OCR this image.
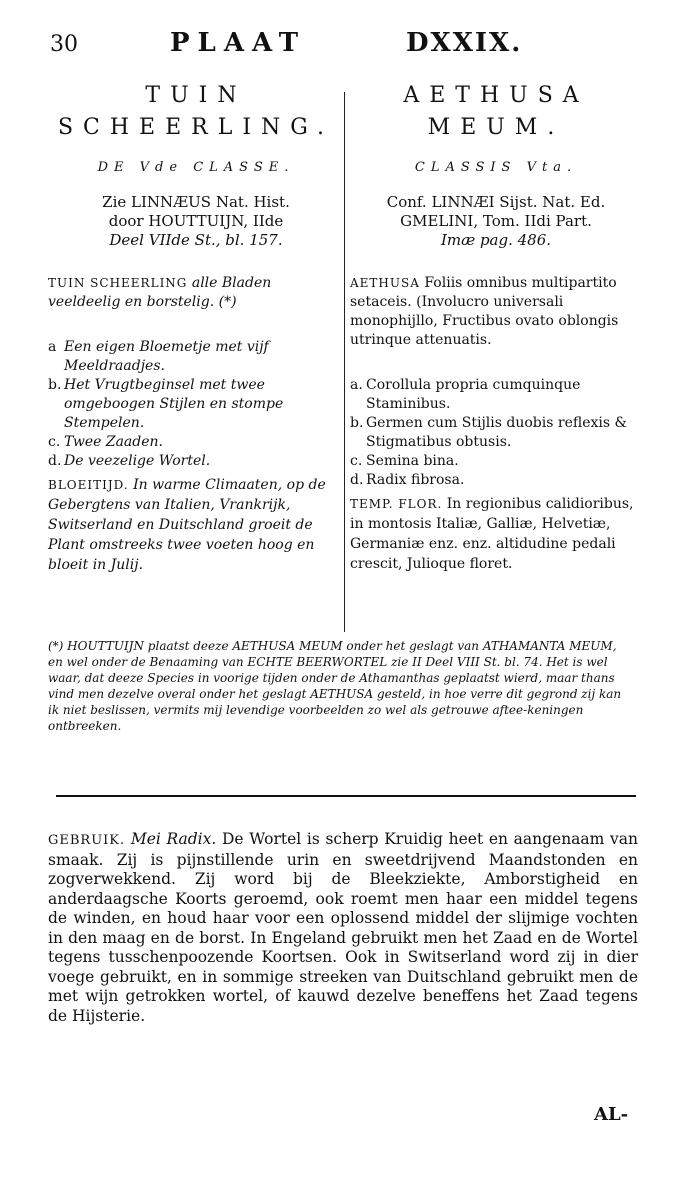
30	PLAAT	DXXIX.

TUIN

SCHEERLING.

DE Vde CLASSE.
Zie LINNÆUS Nat. Hist.
door HOUTTUIJN, IIde
Deel VIIde St., bl. 157.
TUIN SCHEERLING alle Bladen veeldeelig en borstelig. (*)
a Een eigen Bloemetje met vijf Meeldraadjes.
b. Het Vrugtbeginsel met twee omgeboogen Stijlen en stompe Stempelen.
c. Twee Zaaden.
d. De veezelige Wortel.
BLOEITIJD. In warme Climaaten, op de Gebergtens van Italien, Vrankrijk, Switserland en Duitschland groeit de Plant omstreeks twee voeten hoog en bloeit in Julij.

AETHUSA

MEUM.

CLASSIS Vta.
Conf. LINNÆI Sijst. Nat. Ed.
GMELINI, Tom. IIdi Part.
Imæ pag. 486.
AETHUSA Foliis omnibus multipartito setaceis. (Involucro universali monophijllo, Fructibus ovato oblongis utrinque attenuatis.
a. Corollula propria cumquinque Staminibus.
b. Germen cum Stijlis duobis reflexis & Stigmatibus obtusis.
c. Semina bina.
d. Radix fibrosa.
TEMP. FLOR. In regionibus calidioribus, in montosis Italiæ, Galliæ, Helvetiæ, Germaniæ enz. enz. altidudine pedali crescit, Julioque floret.
(*) HOUTTUIJN plaatst deeze AETHUSA MEUM onder het geslagt van ATHAMANTA MEUM, en wel onder de Benaaming van ECHTE BEERWORTEL zie II Deel VIII St. bl. 74. Het is wel waar, dat deeze Species in voorige tijden onder de Athamanthas geplaatst wierd, maar thans vind men dezelve overal onder het geslagt AETHUSA gesteld, in hoe verre dit gegrond zij kan ik niet beslissen, vermits mij levendige voorbeelden zo wel als getrouwe aftee-keningen ontbreeken.
GEBRUIK. Mei Radix. De Wortel is scherp Kruidig heet en aangenaam van smaak. Zij is pijnstillende urin en sweetdrijvend Maandstonden en zogverwekkend. Zij word bij de Bleekziekte, Amborstigheid en anderdaagsche Koorts geroemd, ook roemt men haar een middel tegens de winden, en houd haar voor een oplossend middel der slijmige vochten in den maag en de borst. In Engeland gebruikt men het Zaad en de Wortel tegens tusschenpoozende Koortsen. Ook in Switserland word zij in dier voege gebruikt, en in sommige streeken van Duitschland gebruikt men de met wijn getrokken wortel, of kauwd dezelve beneffens het Zaad tegens de Hijsterie.
AL-
